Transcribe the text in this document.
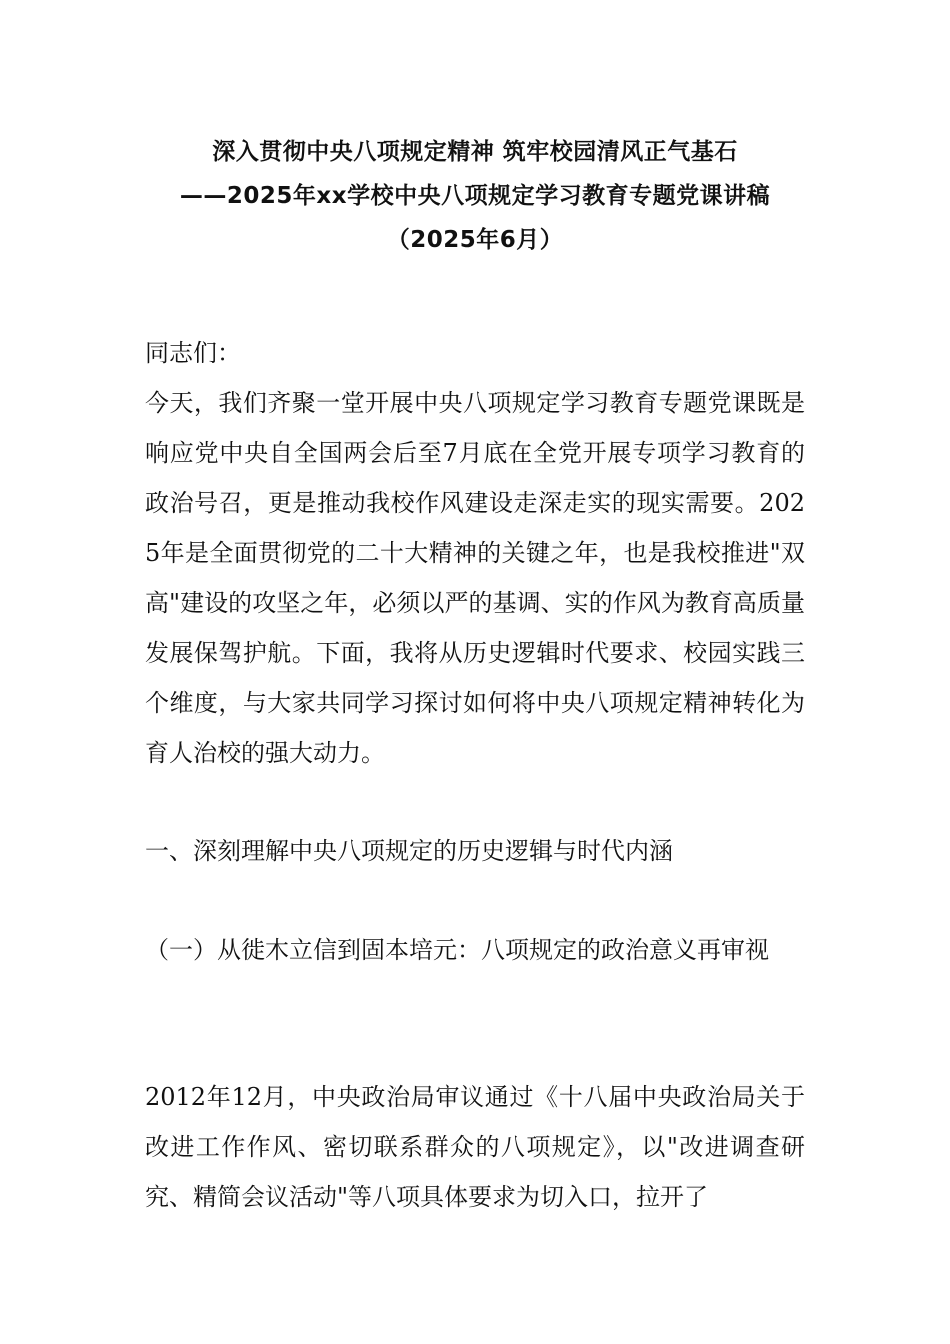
深入贯彻中央八项规定精神 筑牢校园清风正气基石
——2025年xx学校中央八项规定学习教育专题党课讲稿
（2025年6月）
同志们：
今天，我们齐聚一堂开展中央八项规定学习教育专题党课既是响应党中央自全国两会后至7月底在全党开展专项学习教育的政治号召，更是推动我校作风建设走深走实的现实需要。2025年是全面贯彻党的二十大精神的关键之年，也是我校推进"双高"建设的攻坚之年，必须以严的基调、实的作风为教育高质量发展保驾护航。下面，我将从历史逻辑时代要求、校园实践三个维度，与大家共同学习探讨如何将中央八项规定精神转化为育人治校的强大动力。
一、深刻理解中央八项规定的历史逻辑与时代内涵
（一）从徙木立信到固本培元：八项规定的政治意义再审视
2012年12月，中央政治局审议通过《十八届中央政治局关于改进工作作风、密切联系群众的八项规定》，以"改进调查研究、精简会议活动"等八项具体要求为切入口，拉开了
